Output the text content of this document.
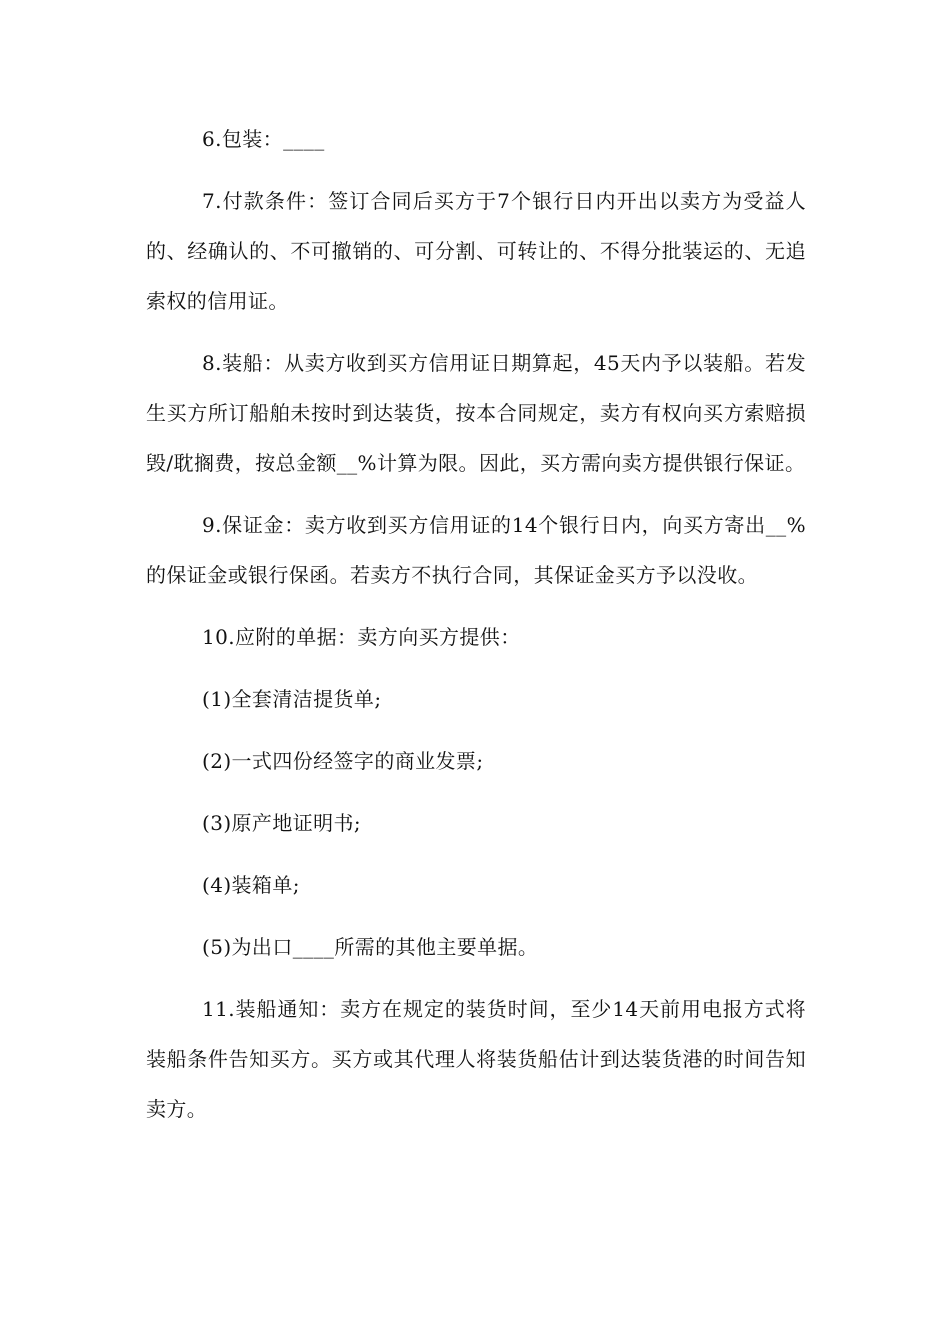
6.包装：____

7.付款条件：签订合同后买方于7个银行日内开出以卖方为受益人的、经确认的、不可撤销的、可分割、可转让的、不得分批装运的、无追索权的信用证。

8.装船：从卖方收到买方信用证日期算起，45天内予以装船。若发生买方所订船舶未按时到达装货，按本合同规定，卖方有权向买方索赔损毁/耽搁费，按总金额__%计算为限。因此，买方需向卖方提供银行保证。

9.保证金：卖方收到买方信用证的14个银行日内，向买方寄出__%的保证金或银行保函。若卖方不执行合同，其保证金买方予以没收。

10.应附的单据：卖方向买方提供：

(1)全套清洁提货单;

(2)一式四份经签字的商业发票;

(3)原产地证明书;

(4)装箱单;

(5)为出口____所需的其他主要单据。

11.装船通知：卖方在规定的装货时间，至少14天前用电报方式将装船条件告知买方。买方或其代理人将装货船估计到达装货港的时间告知卖方。
